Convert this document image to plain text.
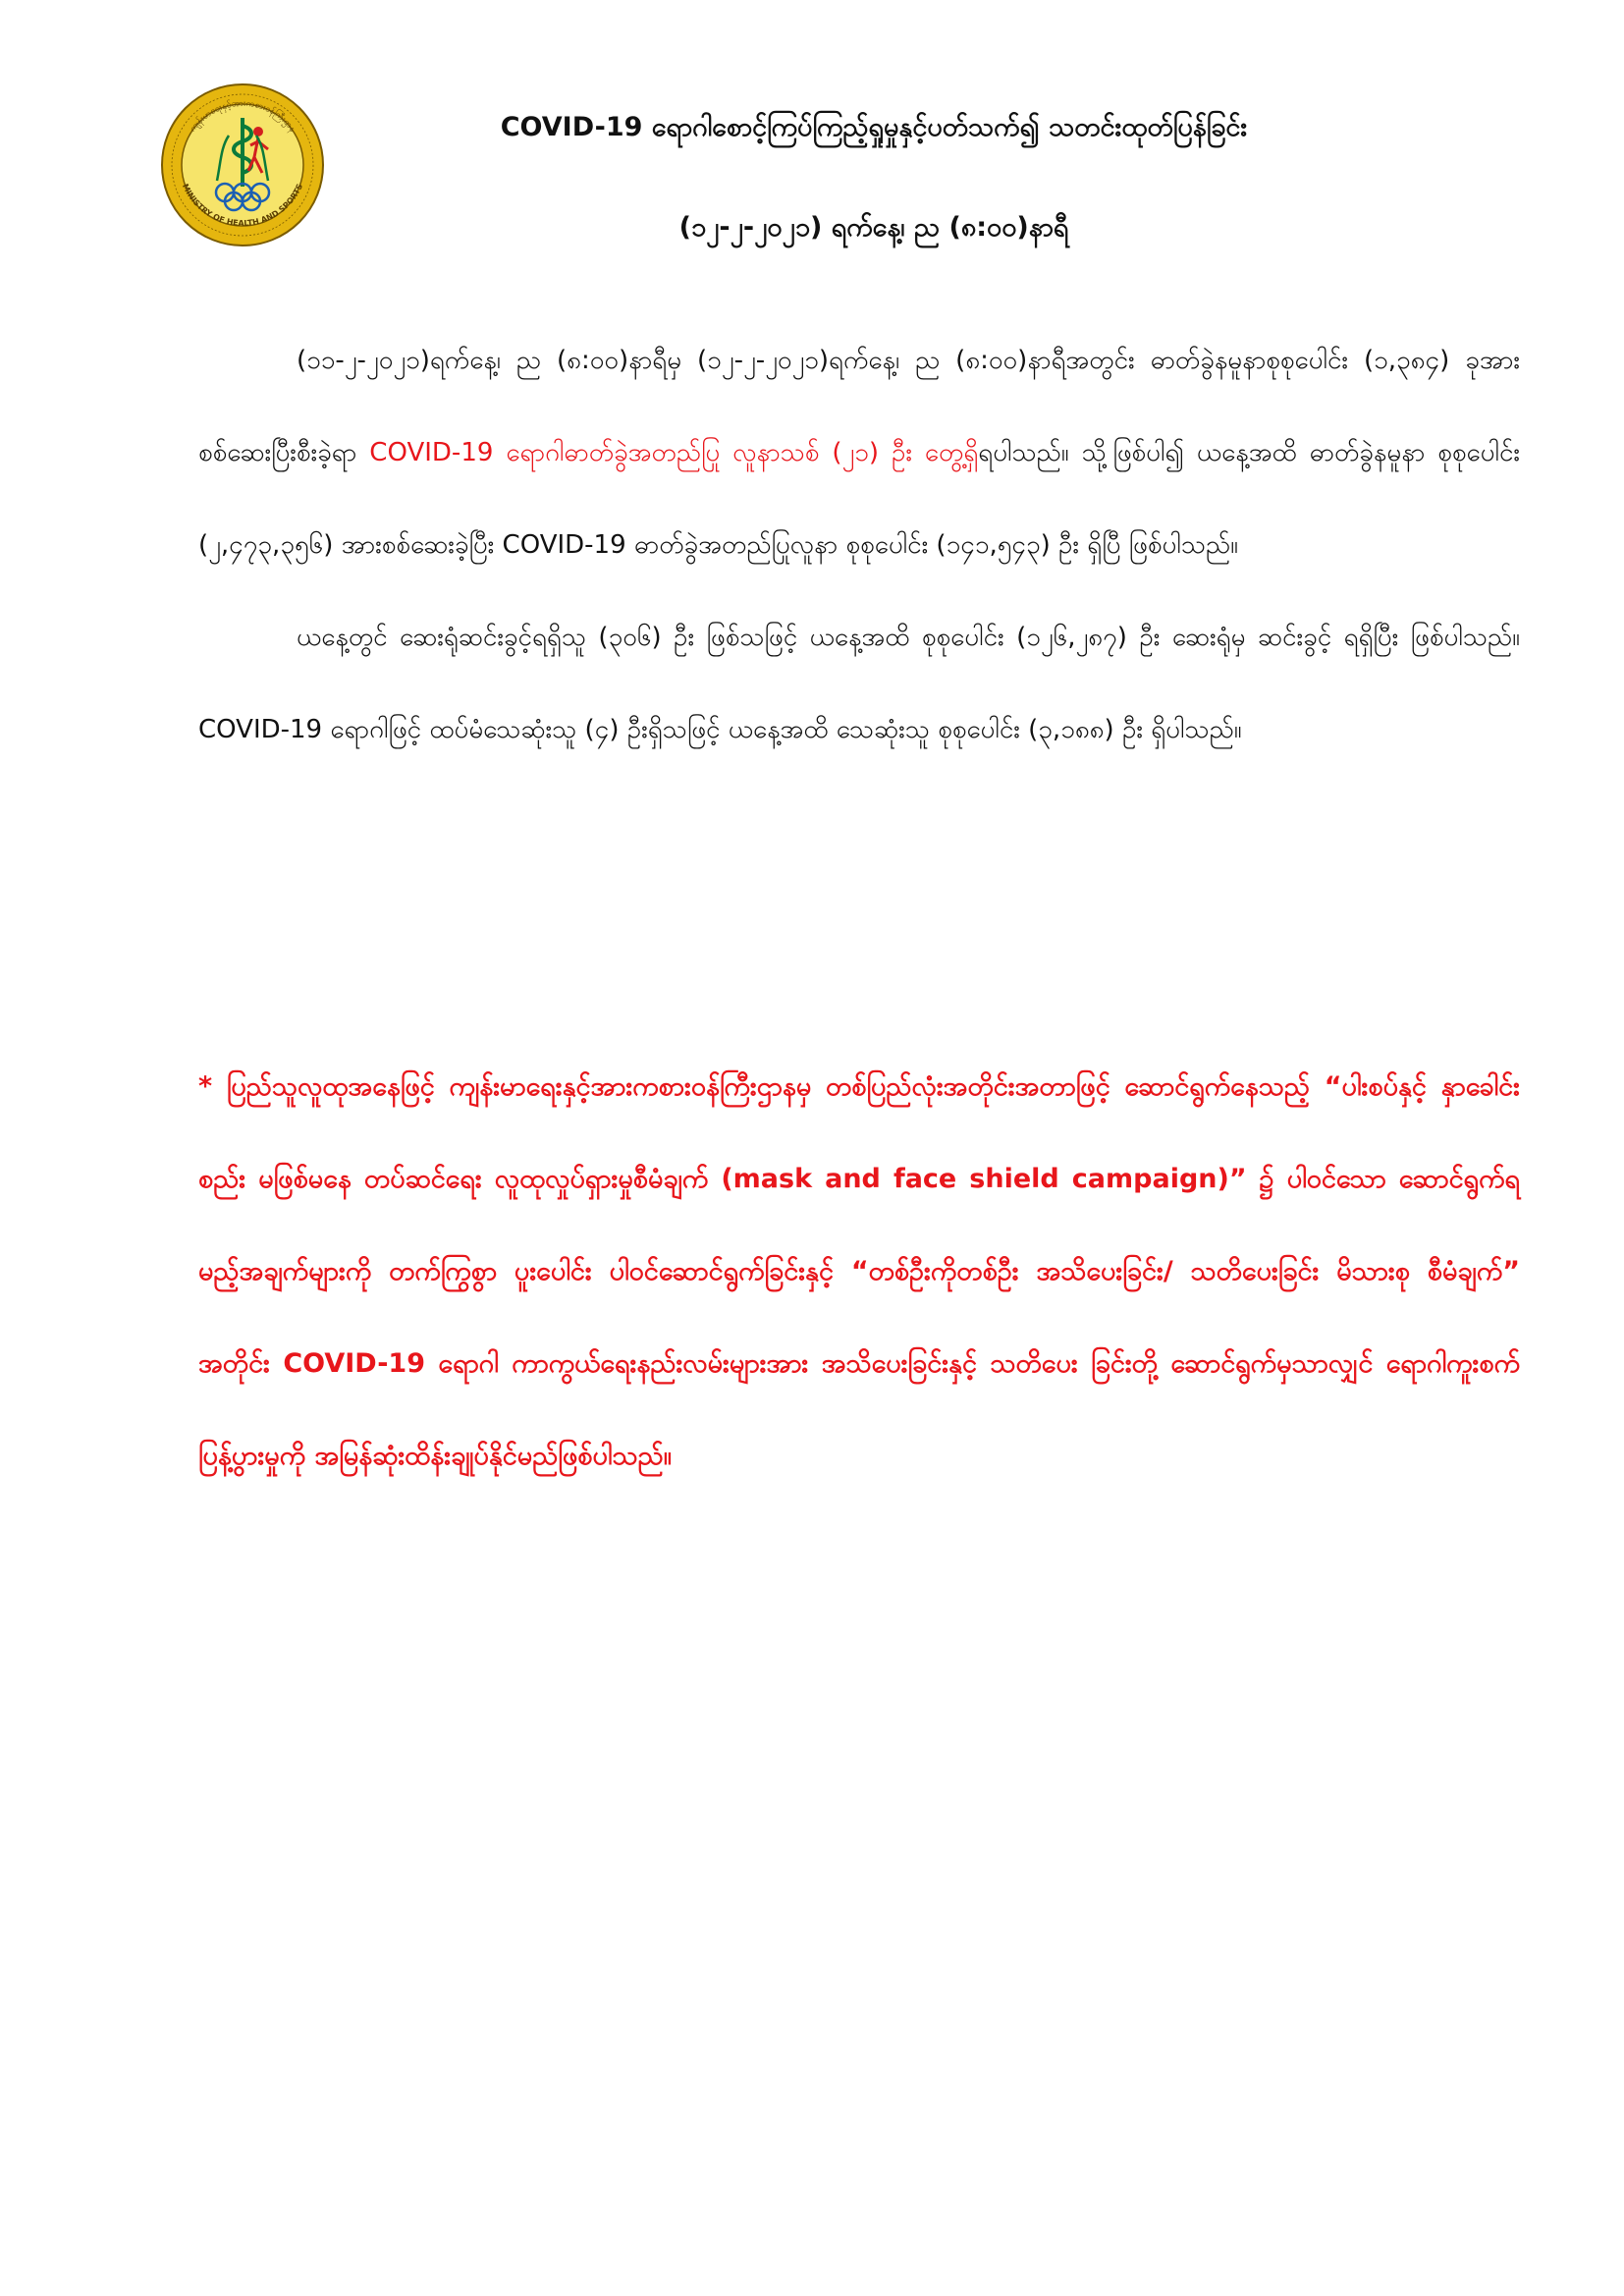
ကျန်းမာရေးနှင့်အားကစားဝန်ကြီးဌာန
MINISTRY OF HEALTH AND SPORTS
COVID-19 ရောဂါစောင့်ကြပ်ကြည့်ရှုမှုနှင့်ပတ်သက်၍ သတင်းထုတ်ပြန်ခြင်း
(၁၂-၂-၂၀၂၁) ရက်နေ့၊ ည (၈:၀၀)နာရီ

(၁၁-၂-၂၀၂၁)ရက်နေ့၊ ည (၈:၀၀)နာရီမှ (၁၂-၂-၂၀၂၁)ရက်နေ့၊ ည (၈:၀၀)နာရီအတွင်း ဓာတ်ခွဲနမူနာစုစုပေါင်း (၁,၃၈၄) ခုအား စစ်ဆေးပြီးစီးခဲ့ရာ COVID-19 ရောဂါဓာတ်ခွဲအတည်ပြု လူနာသစ် (၂၁) ဦး တွေ့ရှိရပါသည်။ သို့ဖြစ်ပါ၍ ယနေ့အထိ ဓာတ်ခွဲနမူနာ စုစုပေါင်း (၂,၄၇၃,၃၅၆) အားစစ်ဆေးခဲ့ပြီး COVID-19 ဓာတ်ခွဲအတည်ပြုလူနာ စုစုပေါင်း (၁၄၁,၅၄၃) ဦး ရှိပြီ ဖြစ်ပါသည်။

ယနေ့တွင် ဆေးရုံဆင်းခွင့်ရရှိသူ (၃၀၆) ဦး ဖြစ်သဖြင့် ယနေ့အထိ စုစုပေါင်း (၁၂၆,၂၈၇) ဦး ဆေးရုံမှ ဆင်းခွင့် ရရှိပြီး ဖြစ်ပါသည်။ COVID-19 ရောဂါဖြင့် ထပ်မံသေဆုံးသူ (၄) ဦးရှိသဖြင့် ယနေ့အထိ သေဆုံးသူ စုစုပေါင်း (၃,၁၈၈) ဦး ရှိပါသည်။

* ပြည်သူလူထုအနေဖြင့် ကျန်းမာရေးနှင့်အားကစားဝန်ကြီးဌာနမှ တစ်ပြည်လုံးအတိုင်းအတာဖြင့် ဆောင်ရွက်နေသည့် “ပါးစပ်နှင့် နှာခေါင်းစည်း မဖြစ်မနေ တပ်ဆင်ရေး လူထုလှုပ်ရှားမှုစီမံချက် (mask and face shield campaign)” ၌ ပါဝင်သော ဆောင်ရွက်ရမည့်အချက်များကို တက်ကြွစွာ ပူးပေါင်း ပါဝင်ဆောင်ရွက်ခြင်းနှင့် “တစ်ဦးကိုတစ်ဦး အသိပေးခြင်း/ သတိပေးခြင်း မိသားစု စီမံချက်” အတိုင်း COVID-19 ရောဂါ ကာကွယ်ရေးနည်းလမ်းများအား အသိပေးခြင်းနှင့် သတိပေး ခြင်းတို့ ဆောင်ရွက်မှသာလျှင် ရောဂါကူးစက်ပြန့်ပွားမှုကို အမြန်ဆုံးထိန်းချုပ်နိုင်မည်ဖြစ်ပါသည်။
